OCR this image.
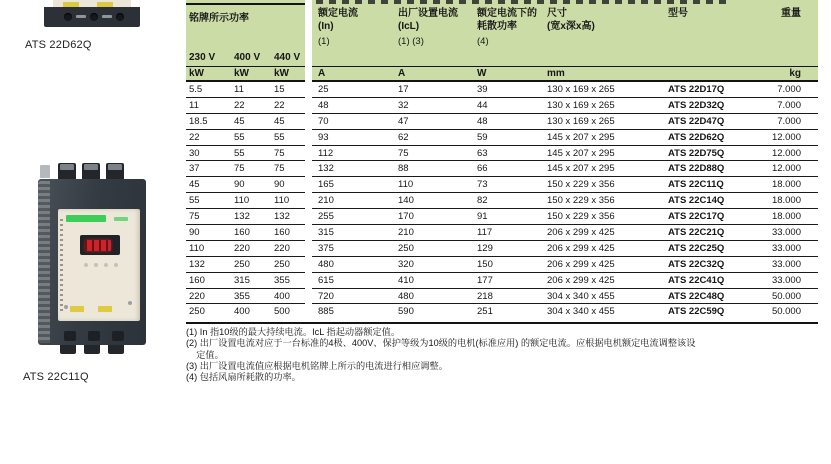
ATS 22D62Q
ATS 22C11Q
铭牌所示功率
230 V	400 V	440 V
kW	kW	kW
额定电流
(In)
(1)
出厂设置电流
(IcL)
(1) (3)
额定电流下的
耗散功率
(4)
尺寸
(宽x深x高)
型号	重量
A	A	W	mm	kg
5.5	11	15	25	17	39	130 x 169 x 265	ATS 22D17Q	7.000
11	22	22	48	32	44	130 x 169 x 265	ATS 22D32Q	7.000
18.5	45	45	70	47	48	130 x 169 x 265	ATS 22D47Q	7.000
22	55	55	93	62	59	145 x 207 x 295	ATS 22D62Q	12.000
30	55	75	112	75	63	145 x 207 x 295	ATS 22D75Q	12.000
37	75	75	132	88	66	145 x 207 x 295	ATS 22D88Q	12.000
45	90	90	165	110	73	150 x 229 x 356	ATS 22C11Q	18.000
55	110	110	210	140	82	150 x 229 x 356	ATS 22C14Q	18.000
75	132	132	255	170	91	150 x 229 x 356	ATS 22C17Q	18.000
90	160	160	315	210	117	206 x 299 x 425	ATS 22C21Q	33.000
110	220	220	375	250	129	206 x 299 x 425	ATS 22C25Q	33.000
132	250	250	480	320	150	206 x 299 x 425	ATS 22C32Q	33.000
160	315	355	615	410	177	206 x 299 x 425	ATS 22C41Q	33.000
220	355	400	720	480	218	304 x 340 x 455	ATS 22C48Q	50.000
250	400	500	885	590	251	304 x 340 x 455	ATS 22C59Q	50.000
(1) In 指10级的最大持续电流。IcL 指起动器额定值。
(2) 出厂设置电流对应于一台标准的4极、400V、保护等级为10级的电机(标准应用) 的额定电流。应根据电机额定电流调整该设
定值。
(3) 出厂设置电流值应根据电机铭牌上所示的电流进行相应调整。
(4) 包括风扇所耗散的功率。
